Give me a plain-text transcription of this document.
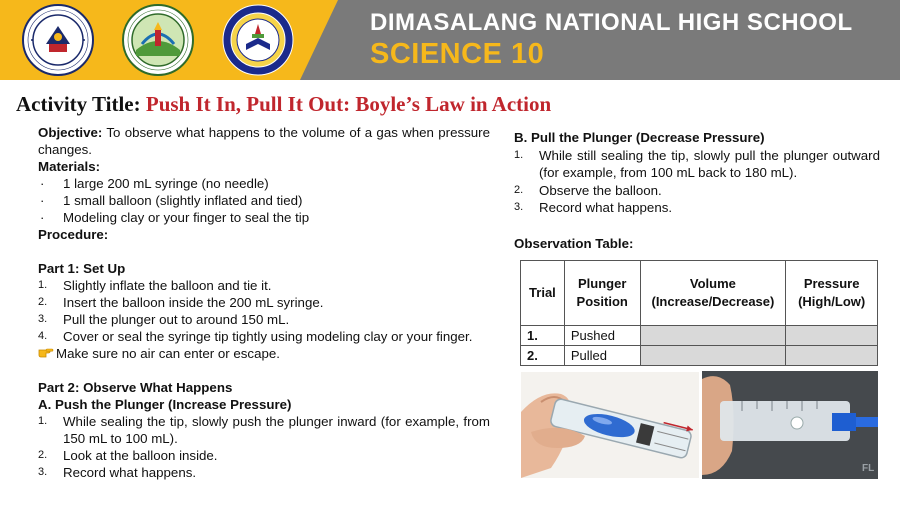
DIMASALANG NATIONAL HIGH SCHOOL
SCIENCE 10
Activity Title: Push It In, Pull It Out: Boyle’s Law in Action

Objective: To observe what happens to the volume of a gas when pressure changes.

Materials:

· 1 large 200 mL syringe (no needle)
· 1 small balloon (slightly inflated and tied)
· Modeling clay or your finger to seal the tip

Procedure:

Part 1: Set Up

1. Slightly inflate the balloon and tie it.
2. Insert the balloon inside the 200 mL syringe.
3. Pull the plunger out to around 150 mL.
4. Cover or seal the syringe tip tightly using modeling clay or your finger.

Make sure no air can enter or escape.

Part 2: Observe What Happens

A. Push the Plunger (Increase Pressure)

1. While sealing the tip, slowly push the plunger inward (for example, from 150 mL to 100 mL).
2. Look at the balloon inside.
3. Record what happens.

B. Pull the Plunger (Decrease Pressure)

1. While still sealing the tip, slowly pull the plunger outward (for example, from 100 mL back to 180 mL).
2. Observe the balloon.
3. Record what happens.
Observation Table:
Trial	Plunger Position	Volume (Increase/Decrease)	Pressure (High/Low)
1.	Pushed		
2.	Pulled		
FL
